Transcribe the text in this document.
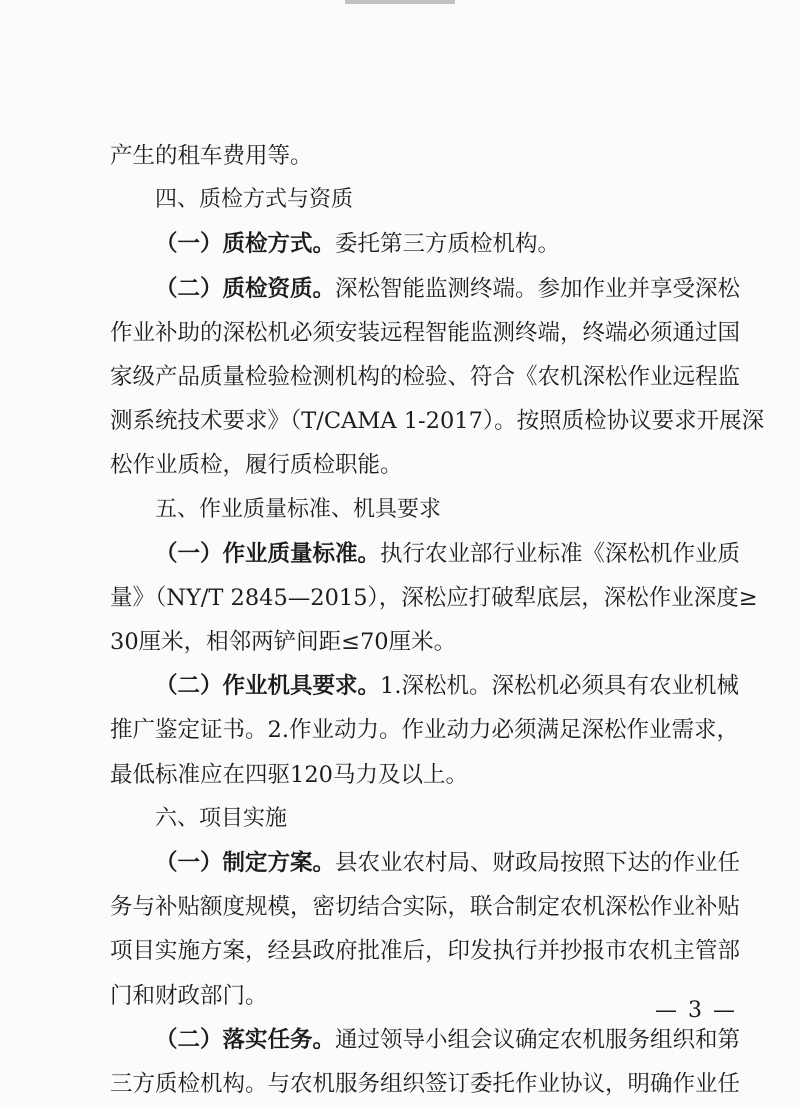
产生的租车费用等。
四、质检方式与资质
（一）质检方式。委托第三方质检机构。
（二）质检资质。深松智能监测终端。参加作业并享受深松
作业补助的深松机必须安装远程智能监测终端，终端必须通过国
家级产品质量检验检测机构的检验、符合《农机深松作业远程监
测系统技术要求》（T/CAMA 1-2017）。按照质检协议要求开展深
松作业质检，履行质检职能。
五、作业质量标准、机具要求
（一）作业质量标准。执行农业部行业标准《深松机作业质
量》（NY/T 2845—2015），深松应打破犁底层，深松作业深度≥
30厘米，相邻两铲间距≤70厘米。
（二）作业机具要求。1.深松机。深松机必须具有农业机械
推广鉴定证书。2.作业动力。作业动力必须满足深松作业需求，
最低标准应在四驱120马力及以上。
六、项目实施
（一）制定方案。县农业农村局、财政局按照下达的作业任
务与补贴额度规模，密切结合实际，联合制定农机深松作业补贴
项目实施方案，经县政府批准后，印发执行并抄报市农机主管部
门和财政部门。
（二）落实任务。通过领导小组会议确定农机服务组织和第
三方质检机构。与农机服务组织签订委托作业协议，明确作业任
— 3 —
